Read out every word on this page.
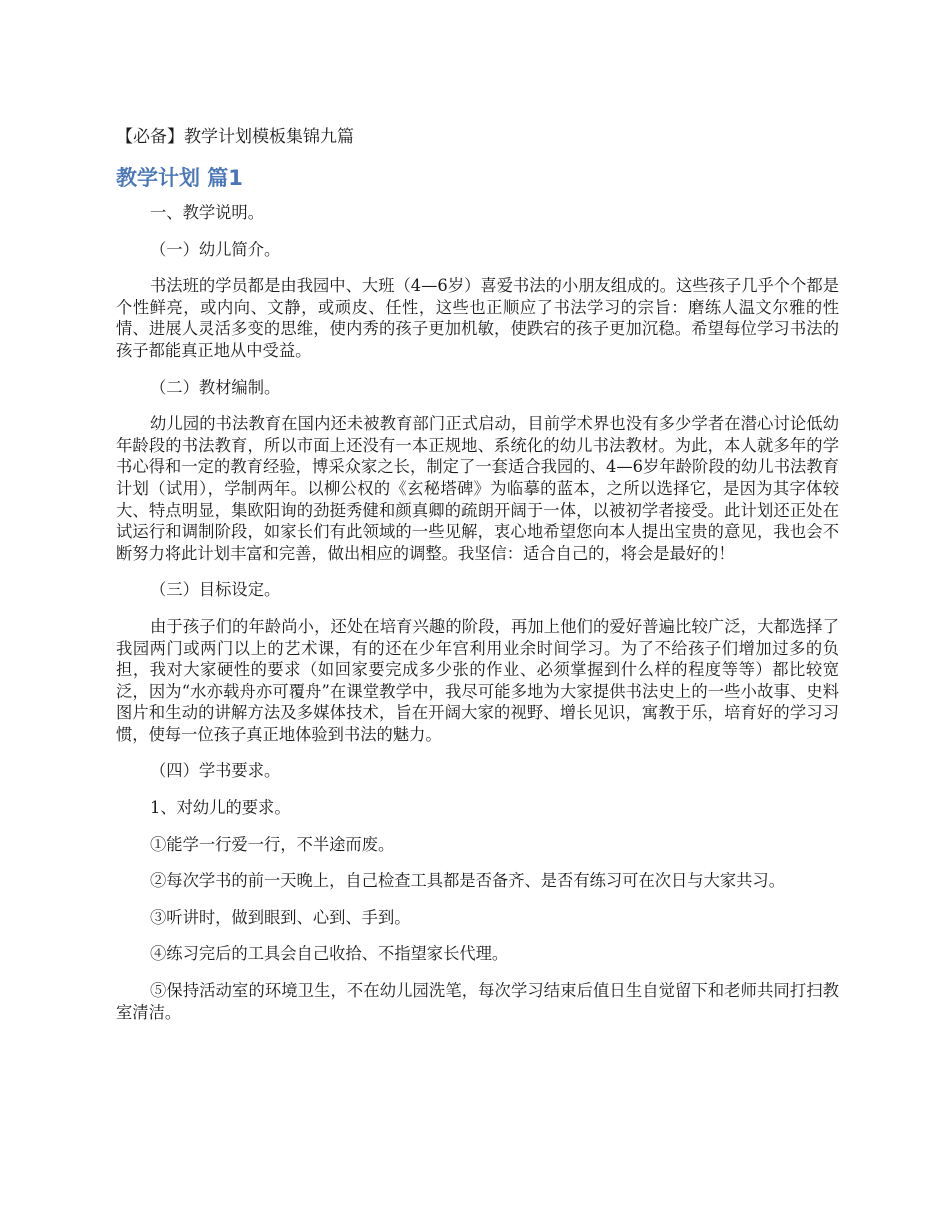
【必备】教学计划模板集锦九篇
教学计划 篇1

一、教学说明。

（一）幼儿简介。

书法班的学员都是由我园中、大班（4—6岁）喜爱书法的小朋友组成的。这些孩子几乎个个都是个性鲜亮，或内向、文静，或顽皮、任性，这些也正顺应了书法学习的宗旨：磨练人温文尔雅的性情、进展人灵活多变的思维，使内秀的孩子更加机敏，使跌宕的孩子更加沉稳。希望每位学习书法的孩子都能真正地从中受益。

（二）教材编制。

幼儿园的书法教育在国内还未被教育部门正式启动，目前学术界也没有多少学者在潜心讨论低幼年龄段的书法教育，所以市面上还没有一本正规地、系统化的幼儿书法教材。为此，本人就多年的学书心得和一定的教育经验，博采众家之长，制定了一套适合我园的、4—6岁年龄阶段的幼儿书法教育计划（试用），学制两年。以柳公权的《玄秘塔碑》为临摹的蓝本，之所以选择它，是因为其字体较大、特点明显，集欧阳询的劲挺秀健和颜真卿的疏朗开阔于一体，以被初学者接受。此计划还正处在试运行和调制阶段，如家长们有此领域的一些见解，衷心地希望您向本人提出宝贵的意见，我也会不断努力将此计划丰富和完善，做出相应的调整。我坚信：适合自己的，将会是最好的！

（三）目标设定。

由于孩子们的年龄尚小，还处在培育兴趣的阶段，再加上他们的爱好普遍比较广泛，大都选择了我园两门或两门以上的艺术课，有的还在少年宫利用业余时间学习。为了不给孩子们增加过多的负担，我对大家硬性的要求（如回家要完成多少张的作业、必须掌握到什么样的程度等等）都比较宽泛，因为“水亦载舟亦可覆舟”在课堂教学中，我尽可能多地为大家提供书法史上的一些小故事、史料图片和生动的讲解方法及多媒体技术，旨在开阔大家的视野、增长见识，寓教于乐，培育好的学习习惯，使每一位孩子真正地体验到书法的魅力。

（四）学书要求。

1、对幼儿的要求。

①能学一行爱一行，不半途而废。

②每次学书的前一天晚上，自己检查工具都是否备齐、是否有练习可在次日与大家共习。

③听讲时，做到眼到、心到、手到。

④练习完后的工具会自己收拾、不指望家长代理。

⑤保持活动室的环境卫生，不在幼儿园洗笔，每次学习结束后值日生自觉留下和老师共同打扫教室清洁。
